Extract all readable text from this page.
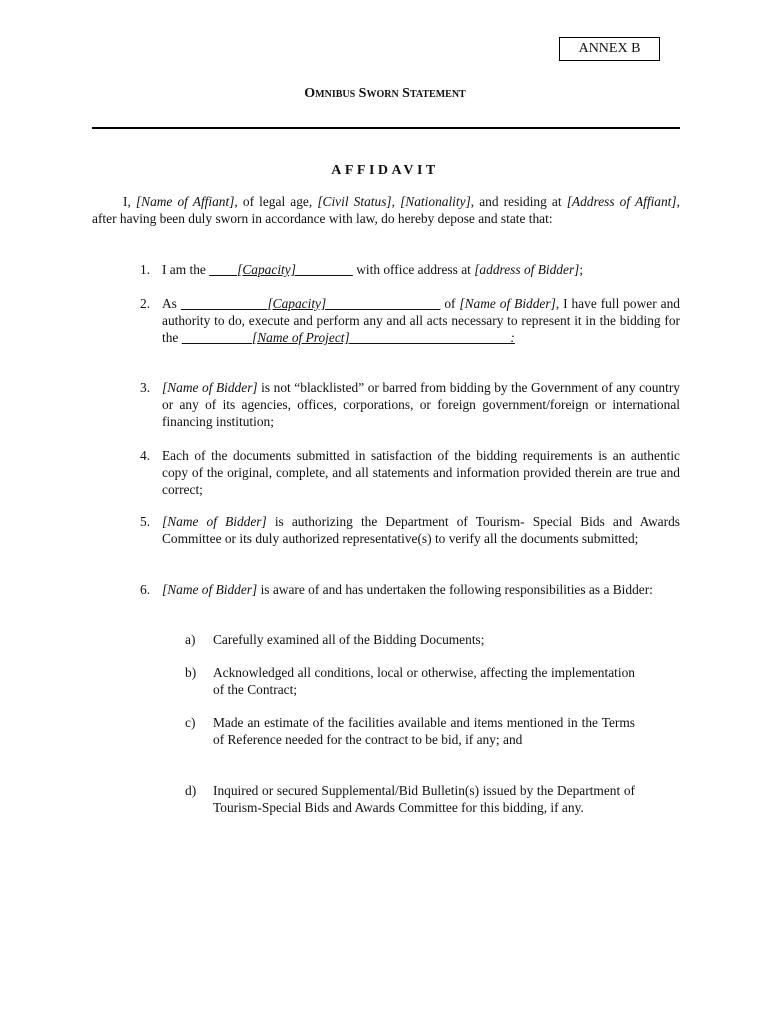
ANNEX B
Omnibus Sworn Statement
AFFIDAVIT
I, [Name of Affiant], of legal age, [Civil Status], [Nationality], and residing at [Address of Affiant], after having been duly sworn in accordance with law, do hereby depose and state that:
1. I am the   [Capacity]	with office address at [address of Bidder];
2. As	[Capacity]	of [Name of Bidder], I have full power and authority to do, execute and perform any and all acts necessary to represent it in the bidding for the	[Name of Project]	:
3. [Name of Bidder] is not “blacklisted” or barred from bidding by the Government of any country or any of its agencies, offices, corporations, or foreign government/foreign or international financing institution;
4. Each of the documents submitted in satisfaction of the bidding requirements is an authentic copy of the original, complete, and all statements and information provided therein are true and correct;
5. [Name of Bidder] is authorizing the Department of Tourism- Special Bids and Awards Committee or its duly authorized representative(s) to verify all the documents submitted;
6. [Name of Bidder] is aware of and has undertaken the following responsibilities as a Bidder:
a)	Carefully examined all of the Bidding Documents;
b)	Acknowledged all conditions, local or otherwise, affecting the implementation of the Contract;
c)	Made an estimate of the facilities available and items mentioned in the Terms of Reference needed for the contract to be bid, if any; and
d)	Inquired or secured Supplemental/Bid Bulletin(s) issued by the Department of Tourism-Special Bids and Awards Committee for this bidding, if any.
